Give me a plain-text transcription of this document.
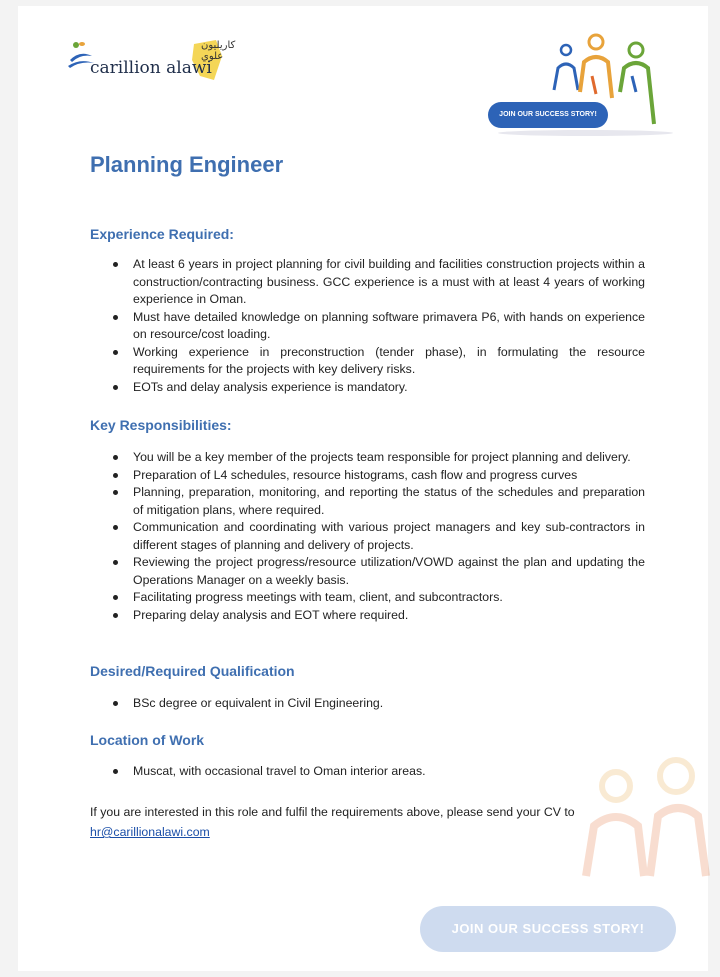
كاريليون علوي
carillion alawi
JOIN OUR SUCCESS STORY!
Planning Engineer
Experience Required:
At least 6 years in project planning for civil building and facilities construction projects within a construction/contracting business. GCC experience is a must with at least 4 years of working experience in Oman.
Must have detailed knowledge on planning software primavera P6, with hands on experience on resource/cost loading.
Working experience in preconstruction (tender phase), in formulating the resource requirements for the projects with key delivery risks.
EOTs and delay analysis experience is mandatory.
Key Responsibilities:
You will be a key member of the projects team responsible for project planning and delivery.
Preparation of L4 schedules, resource histograms, cash flow and progress curves
Planning, preparation, monitoring, and reporting the status of the schedules and preparation of mitigation plans, where required.
Communication and coordinating with various project managers and key sub-contractors in different stages of planning and delivery of projects.
Reviewing the project progress/resource utilization/VOWD against the plan and updating the Operations Manager on a weekly basis.
Facilitating progress meetings with team, client, and subcontractors.
Preparing delay analysis and EOT where required.
Desired/Required Qualification
BSc degree or equivalent in Civil Engineering.
Location of Work
Muscat, with occasional travel to Oman interior areas.

If you are interested in this role and fulfil the requirements above, please send your CV to
hr@carillionalawi.com

JOIN OUR SUCCESS STORY!
